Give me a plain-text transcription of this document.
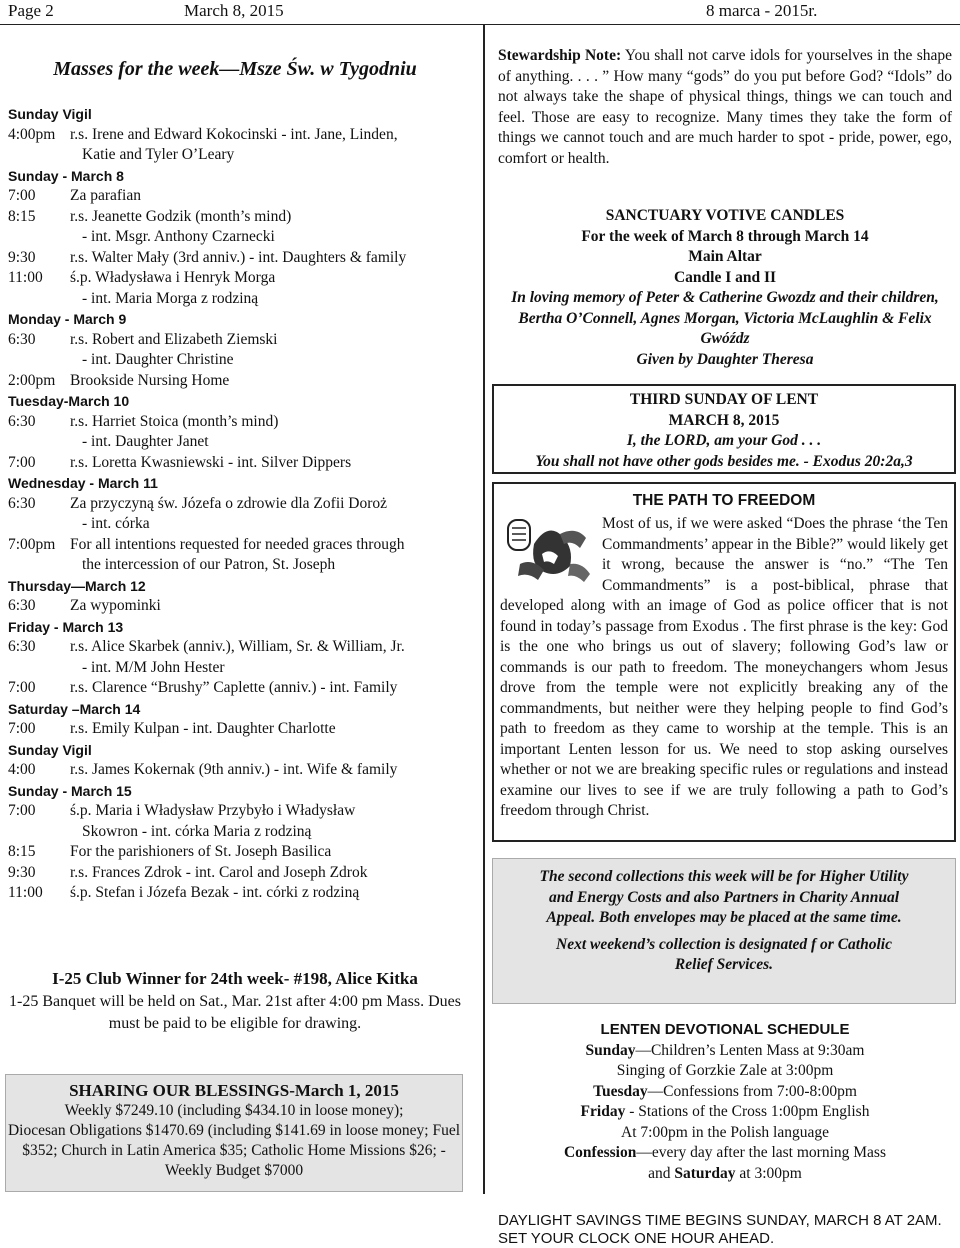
Page 2	March 8, 2015	8 marca - 2015r.
Masses for the week—Msze Św. w Tygodniu
Sunday Vigil
4:00pm r.s. Irene and Edward Kokocinski - int. Jane, Linden,
Katie and Tyler O’Leary
Sunday - March 8
7:00 Za parafian
8:15 r.s. Jeanette Godzik (month’s mind)
- int. Msgr. Anthony Czarnecki
9:30 r.s. Walter Mały (3rd anniv.) - int. Daughters & family
11:00 ś.p. Władysława i Henryk Morga
- int. Maria Morga z rodziną
Monday - March 9
6:30 r.s. Robert and Elizabeth Ziemski
- int. Daughter Christine
2:00pm Brookside Nursing Home
Tuesday-March 10
6:30 r.s. Harriet Stoica (month’s mind)
- int. Daughter Janet
7:00 r.s. Loretta Kwasniewski - int. Silver Dippers
Wednesday - March 11
6:30 Za przyczyną św. Józefa o zdrowie dla Zofii Doroż
- int. córka
7:00pm For all intentions requested for needed graces through
the intercession of our Patron, St. Joseph
Thursday—March 12
6:30 Za wypominki
Friday - March 13
6:30 r.s. Alice Skarbek (anniv.), William, Sr. & William, Jr.
- int. M/M John Hester
7:00 r.s. Clarence “Brushy” Caplette (anniv.) - int. Family
Saturday –March 14
7:00 r.s. Emily Kulpan - int. Daughter Charlotte
Sunday Vigil
4:00 r.s. James Kokernak (9th anniv.) - int. Wife & family
Sunday - March 15
7:00 ś.p. Maria i Władysław Przybyło i Władysław
Skowron - int. córka Maria z rodziną
8:15 For the parishioners of St. Joseph Basilica
9:30 r.s. Frances Zdrok - int. Carol and Joseph Zdrok
11:00 ś.p. Stefan i Józefa Bezak - int. córki z rodziną
I-25 Club Winner for 24th week- #198, Alice Kitka
1-25 Banquet will be held on Sat., Mar. 21st after 4:00 pm Mass. Dues must be paid to be eligible for drawing.
SHARING OUR BLESSINGS-March 1, 2015
Weekly $7249.10 (including $434.10 in loose money);
Diocesan Obligations $1470.69 (including $141.69 in loose money; Fuel $352; Church in Latin America $35; Catholic Home Missions $26; - Weekly Budget $7000
Stewardship Note: You shall not carve idols for yourselves in the shape of anything. . . . ” How many “gods” do you put before God? “Idols” do not always take the shape of physical things, things we can touch and feel. Those are easy to recognize. Many times they take the form of things we cannot touch and are much harder to spot - pride, power, ego, comfort or health.
SANCTUARY VOTIVE CANDLES
For the week of March 8 through March 14
Main Altar
Candle I and II
In loving memory of Peter & Catherine Gwozdz and their children, Bertha O’Connell, Agnes Morgan, Victoria McLaughlin & Felix Gwóźdz
Given by Daughter Theresa
THIRD SUNDAY OF LENT
MARCH 8, 2015
I, the LORD, am your God . . .
You shall not have other gods besides me. - Exodus 20:2a,3
THE PATH TO FREEDOM
Most of us, if we were asked “Does the phrase ‘the Ten Commandments’ appear in the Bible?” would likely get it wrong, because the answer is “no.” “The Ten Commandments” is a post-biblical, phrase that developed along with an image of God as police officer that is not found in today’s passage from Exodus . The first phrase is the key: God is the one who brings us out of slavery; following God’s law or commands is our path to freedom. The moneychangers whom Jesus drove from the temple were not explicitly breaking any of the commandments, but neither were they helping people to find God’s path to freedom as they came to worship at the temple. This is an important Lenten lesson for us. We need to stop asking ourselves whether or not we are breaking specific rules or regulations and instead examine our lives to see if we are truly following a path to God’s freedom through Christ.
The second collections this week will be for Higher Utility and Energy Costs and also Partners in Charity Annual Appeal. Both envelopes may be placed at the same time.
Next weekend’s collection is designated f or Catholic Relief Services.
LENTEN DEVOTIONAL SCHEDULE
Sunday—Children’s Lenten Mass at 9:30am
Singing of Gorzkie Zale at 3:00pm
Tuesday—Confessions from 7:00-8:00pm
Friday - Stations of the Cross 1:00pm English
At 7:00pm in the Polish language
Confession—every day after the last morning Mass
and Saturday at 3:00pm
DAYLIGHT SAVINGS TIME BEGINS SUNDAY, MARCH 8 AT 2AM. SET YOUR CLOCK ONE HOUR AHEAD.
